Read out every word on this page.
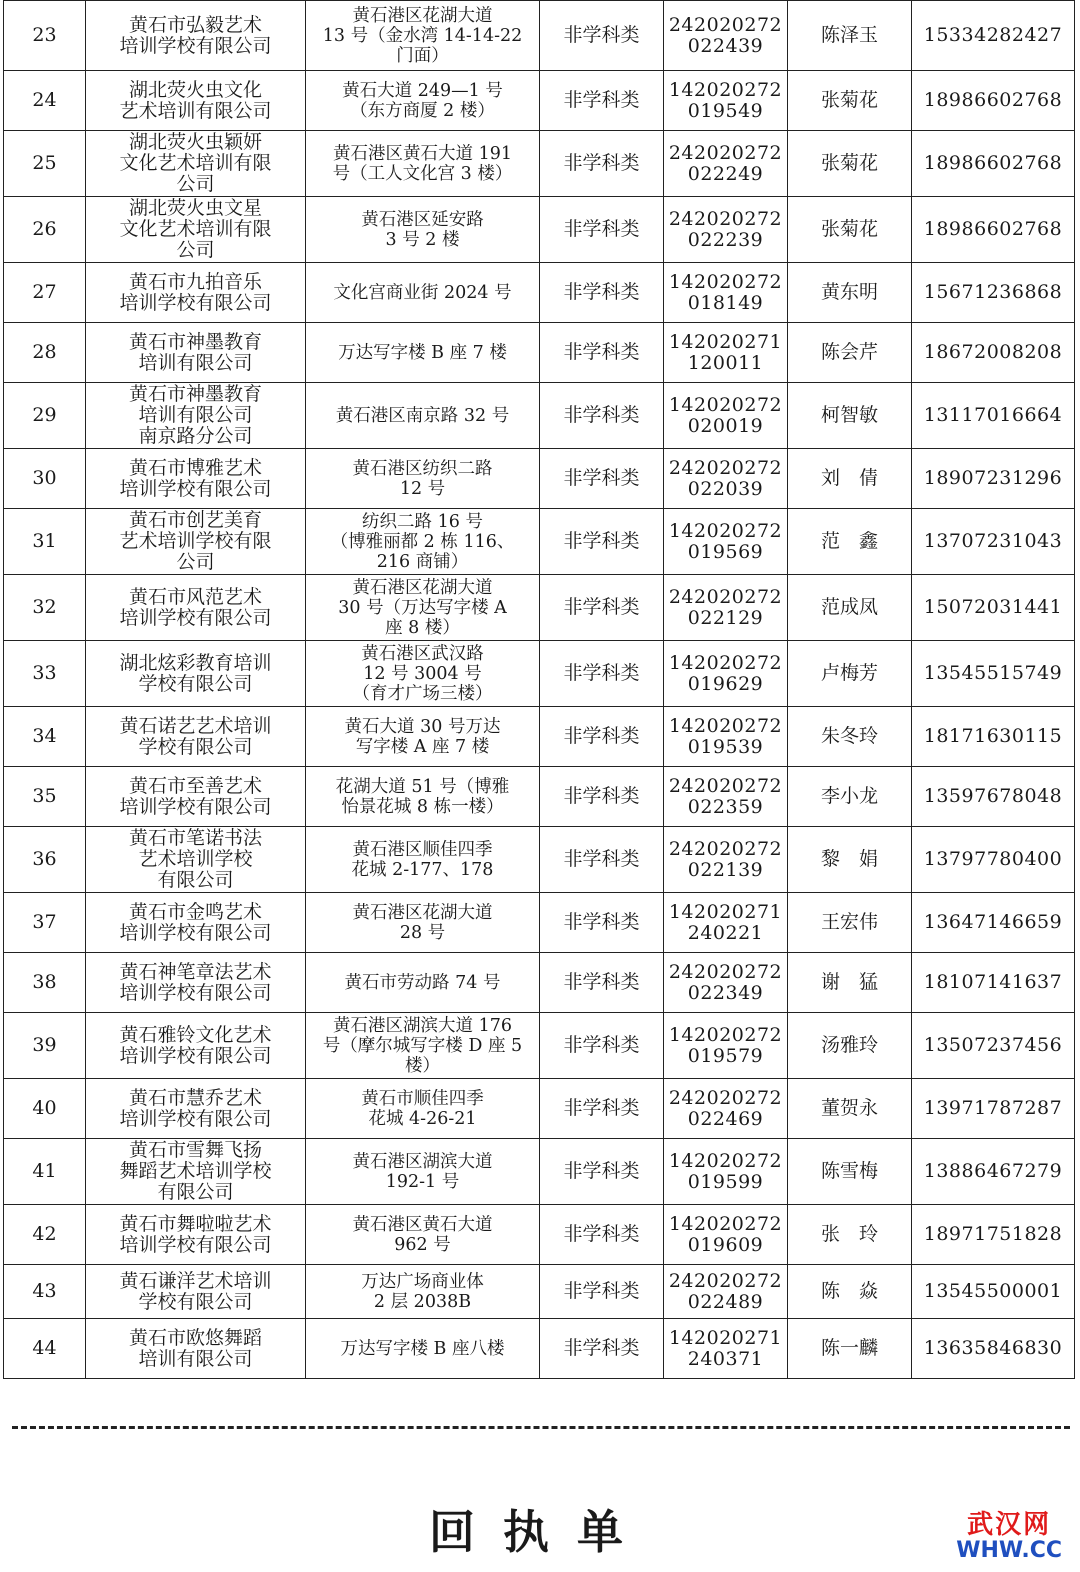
23	黄石市弘毅艺术
培训学校有限公司	黄石港区花湖大道
13 号（金水湾 14-14-22
门面）	非学科类	242020272
022439	陈泽玉	15334282427
24	湖北荧火虫文化
艺术培训有限公司	黄石大道 249—1 号
（东方商厦 2 楼）	非学科类	142020272
019549	张菊花	18986602768
25	湖北荧火虫颖妍
文化艺术培训有限
公司	黄石港区黄石大道 191
号（工人文化宫 3 楼）	非学科类	242020272
022249	张菊花	18986602768
26	湖北荧火虫文星
文化艺术培训有限
公司	黄石港区延安路
3 号 2 楼	非学科类	242020272
022239	张菊花	18986602768
27	黄石市九拍音乐
培训学校有限公司	文化宫商业街 2024 号	非学科类	142020272
018149	黄东明	15671236868
28	黄石市神墨教育
培训有限公司	万达写字楼 B 座 7 楼	非学科类	142020271
120011	陈会芹	18672008208
29	黄石市神墨教育
培训有限公司
南京路分公司	黄石港区南京路 32 号	非学科类	142020272
020019	柯智敏	13117016664
30	黄石市博雅艺术
培训学校有限公司	黄石港区纺织二路
12 号	非学科类	242020272
022039	刘　倩	18907231296
31	黄石市创艺美育
艺术培训学校有限
公司	纺织二路 16 号
（博雅丽都 2 栋 116、
216 商铺）	非学科类	142020272
019569	范　鑫	13707231043
32	黄石市风范艺术
培训学校有限公司	黄石港区花湖大道
30 号（万达写字楼 A
座 8 楼）	非学科类	242020272
022129	范成凤	15072031441
33	湖北炫彩教育培训
学校有限公司	黄石港区武汉路
12 号 3004 号
（育才广场三楼）	非学科类	142020272
019629	卢梅芳	13545515749
34	黄石诺艺艺术培训
学校有限公司	黄石大道 30 号万达
写字楼 A 座 7 楼	非学科类	142020272
019539	朱冬玲	18171630115
35	黄石市至善艺术
培训学校有限公司	花湖大道 51 号（博雅
怡景花城 8 栋一楼）	非学科类	242020272
022359	李小龙	13597678048
36	黄石市笔诺书法
艺术培训学校
有限公司	黄石港区顺佳四季
花城 2-177、178	非学科类	242020272
022139	黎　娟	13797780400
37	黄石市金鸣艺术
培训学校有限公司	黄石港区花湖大道
28 号	非学科类	142020271
240221	王宏伟	13647146659
38	黄石神笔章法艺术
培训学校有限公司	黄石市劳动路 74 号	非学科类	242020272
022349	谢　猛	18107141637
39	黄石雅铃文化艺术
培训学校有限公司	黄石港区湖滨大道 176
号（摩尔城写字楼 D 座 5
楼）	非学科类	142020272
019579	汤雅玲	13507237456
40	黄石市慧乔艺术
培训学校有限公司	黄石市顺佳四季
花城 4-26-21	非学科类	242020272
022469	董贺永	13971787287
41	黄石市雪舞飞扬
舞蹈艺术培训学校
有限公司	黄石港区湖滨大道
192-1 号	非学科类	142020272
019599	陈雪梅	13886467279
42	黄石市舞啦啦艺术
培训学校有限公司	黄石港区黄石大道
962 号	非学科类	142020272
019609	张　玲	18971751828
43	黄石谦洋艺术培训
学校有限公司	万达广场商业体
2 层 2038B	非学科类	242020272
022489	陈　焱	13545500001
44	黄石市欧悠舞蹈
培训有限公司	万达写字楼 B 座八楼	非学科类	142020271
240371	陈一麟	13635846830
回执单	武汉网
WHW.CC
